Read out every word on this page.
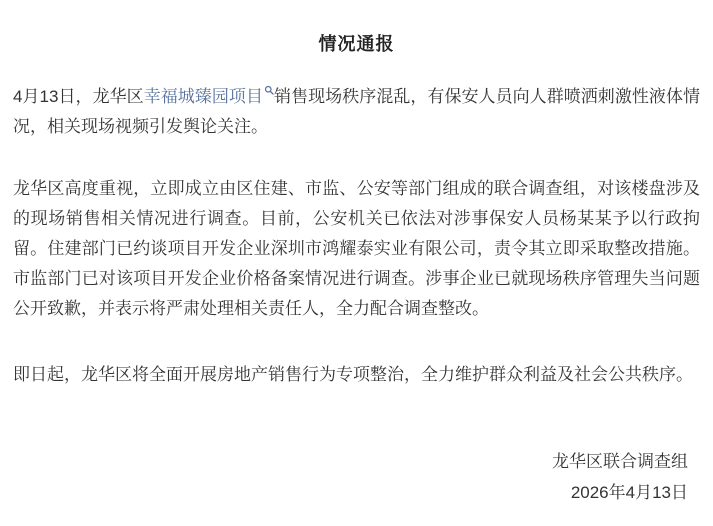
情况通报

4月13日，龙华区幸福城臻园项目 销售现场秩序混乱，有保安人员向人群喷洒刺激性液体情况，相关现场视频引发舆论关注。

龙华区高度重视，立即成立由区住建、市监、公安等部门组成的联合调查组，对该楼盘涉及的现场销售相关情况进行调查。目前，公安机关已依法对涉事保安人员杨某某予以行政拘留。住建部门已约谈项目开发企业深圳市鸿耀泰实业有限公司，责令其立即采取整改措施。市监部门已对该项目开发企业价格备案情况进行调查。涉事企业已就现场秩序管理失当问题公开致歉，并表示将严肃处理相关责任人，全力配合调查整改。

即日起，龙华区将全面开展房地产销售行为专项整治，全力维护群众利益及社会公共秩序。

龙华区联合调查组

2026年4月13日
